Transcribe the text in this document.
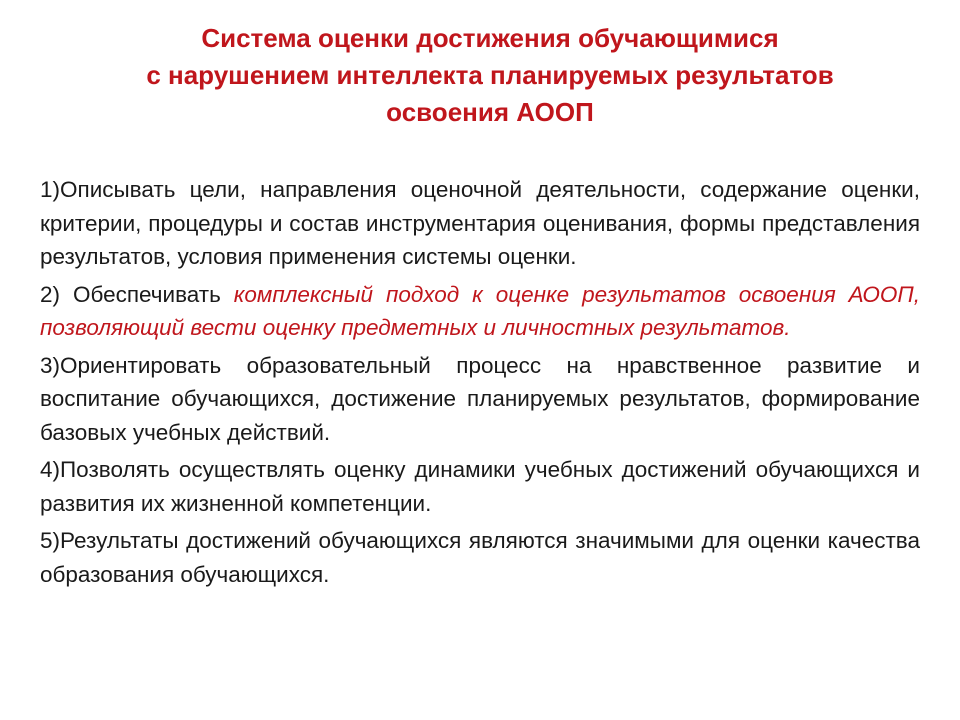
Система оценки достижения обучающимися
с нарушением интеллекта планируемых результатов
освоения АООП

1)Описывать цели, направления оценочной деятельности, содержание оценки, критерии, процедуры и состав инструментария оценивания, формы представления результатов, условия применения системы оценки.

2) Обеспечивать комплексный подход к оценке результатов освоения АООП, позволяющий вести оценку предметных и личностных результатов.

3)Ориентировать образовательный процесс на нравственное развитие и воспитание обучающихся, достижение планируемых результатов, формирование базовых учебных действий.

4)Позволять осуществлять оценку динамики учебных достижений обучающихся и развития их жизненной компетенции.

5)Результаты достижений обучающихся являются значимыми для оценки качества образования обучающихся.
